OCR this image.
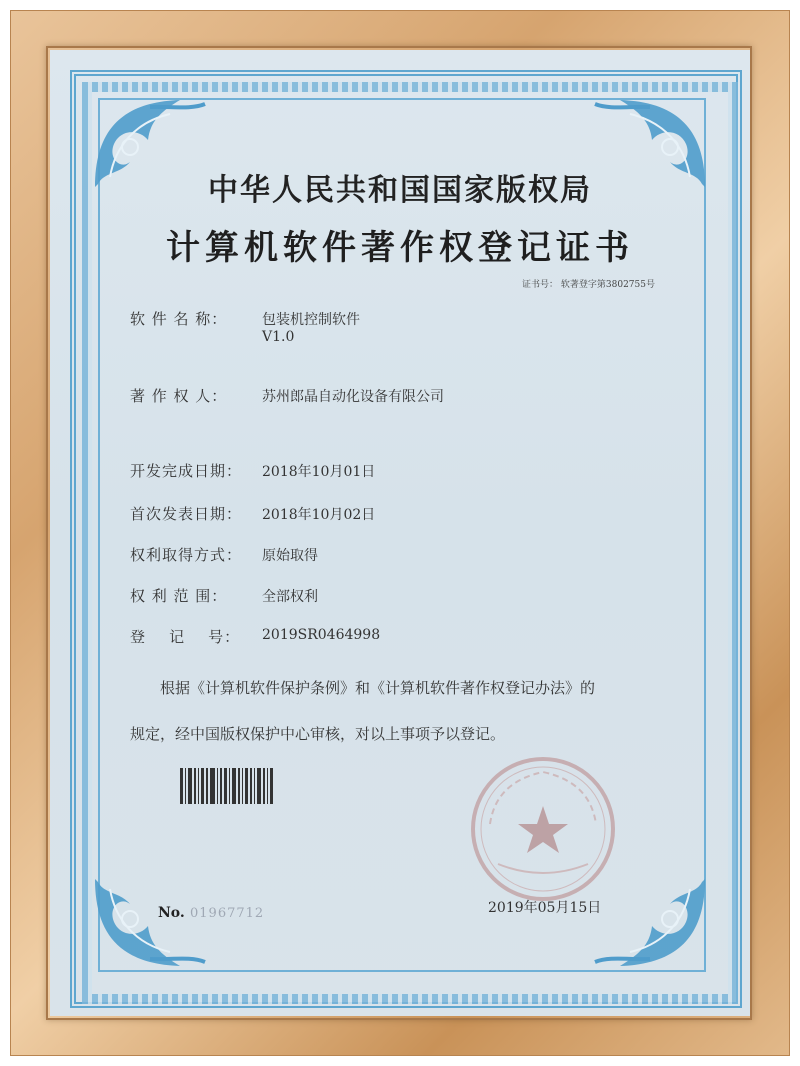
中华人民共和国国家版权局
计算机软件著作权登记证书
证书号： 软著登字第3802755号
软 件 名 称： 包装机控制软件
V1.0
著 作 权 人： 苏州郎晶自动化设备有限公司
开发完成日期： 2018年10月01日
首次发表日期： 2018年10月02日
权利取得方式： 原始取得
权 利 范 围： 全部权利
登    记    号： 2019SR0464998
根据《计算机软件保护条例》和《计算机软件著作权登记办法》的
规定，经中国版权保护中心审核，对以上事项予以登记。
No. 01967712	2019年05月15日
